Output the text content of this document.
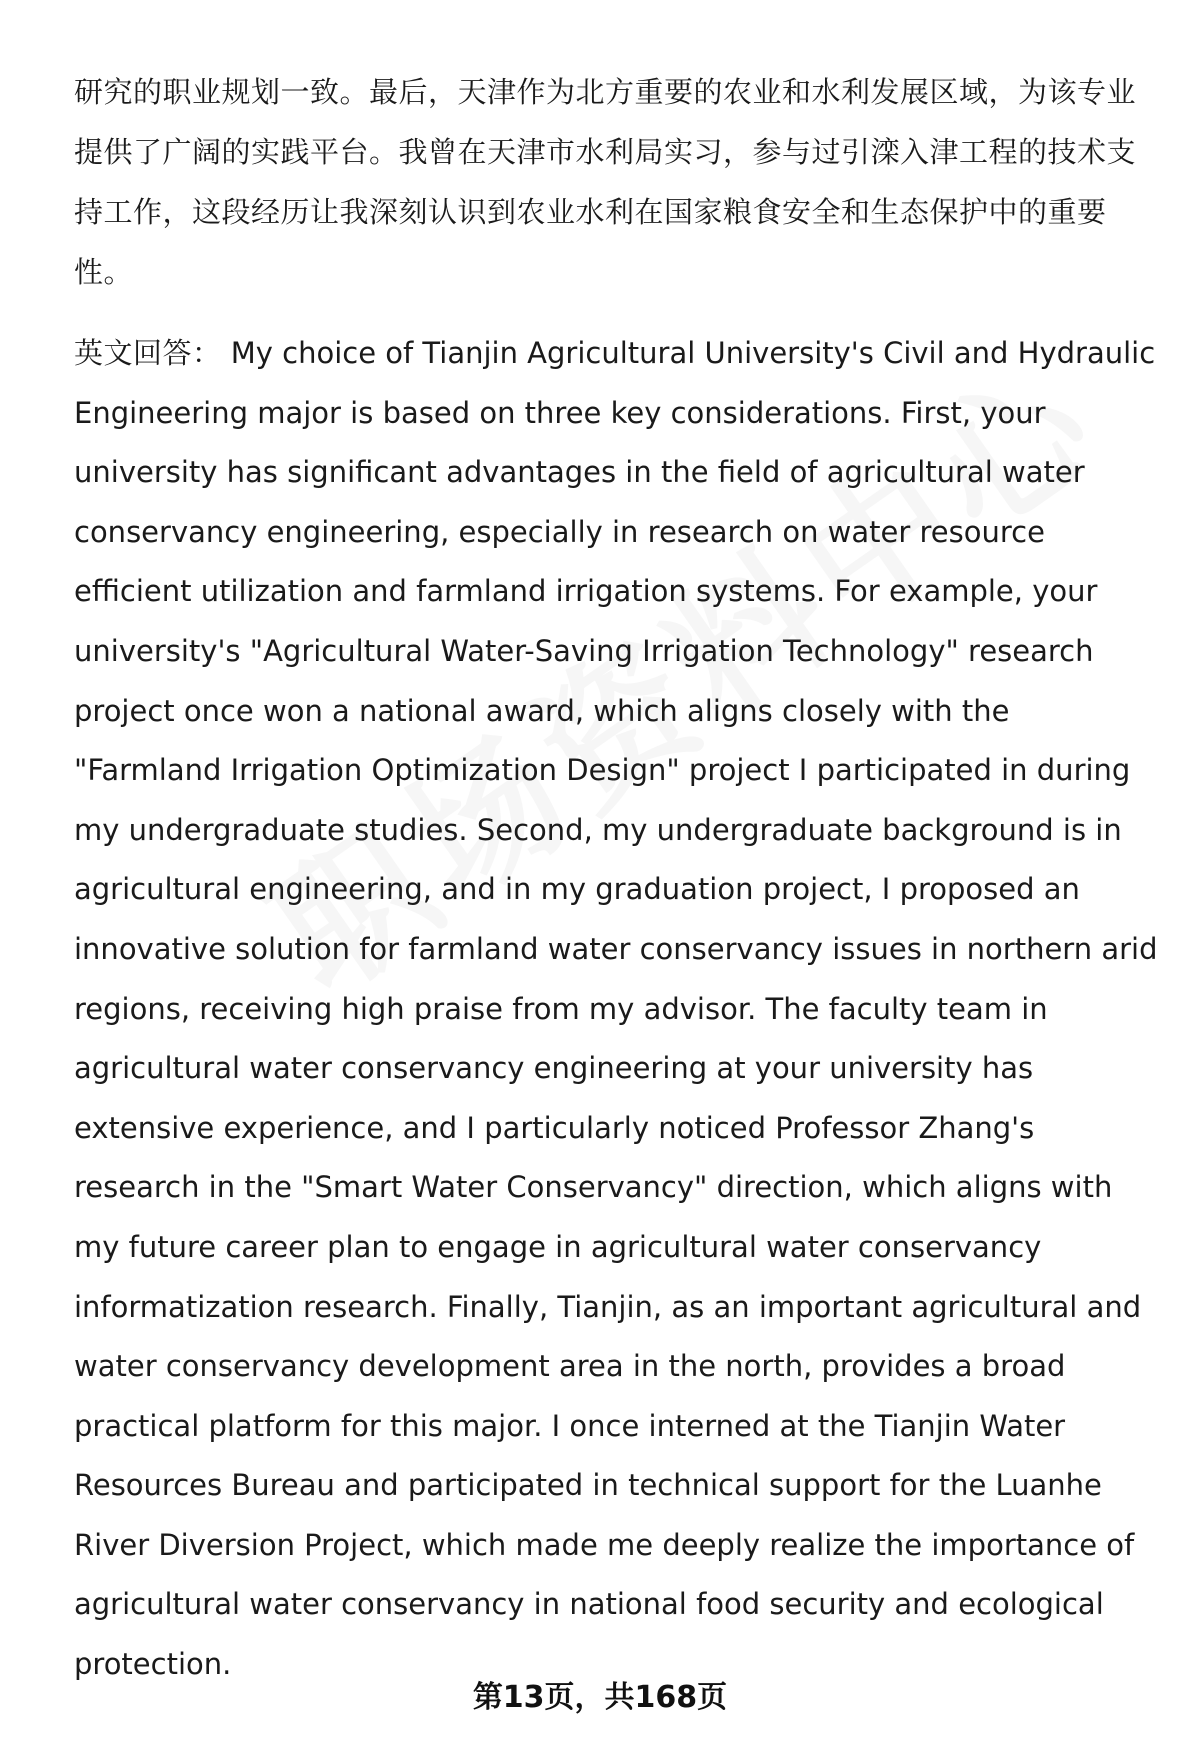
研究的职业规划一致。最后，天津作为北方重要的农业和水利发展区域，为该专业提供了广阔的实践平台。我曾在天津市水利局实习，参与过引滦入津工程的技术支持工作，这段经历让我深刻认识到农业水利在国家粮食安全和生态保护中的重要性。

英文回答： My choice of Tianjin Agricultural University's Civil and Hydraulic Engineering major is based on three key considerations. First, your university has significant advantages in the field of agricultural water conservancy engineering, especially in research on water resource efficient utilization and farmland irrigation systems. For example, your university's "Agricultural Water-Saving Irrigation Technology" research project once won a national award, which aligns closely with the "Farmland Irrigation Optimization Design" project I participated in during my undergraduate studies. Second, my undergraduate background is in agricultural engineering, and in my graduation project, I proposed an innovative solution for farmland water conservancy issues in northern arid regions, receiving high praise from my advisor. The faculty team in agricultural water conservancy engineering at your university has extensive experience, and I particularly noticed Professor Zhang's research in the "Smart Water Conservancy" direction, which aligns with my future career plan to engage in agricultural water conservancy informatization research. Finally, Tianjin, as an important agricultural and water conservancy development area in the north, provides a broad practical platform for this major. I once interned at the Tianjin Water Resources Bureau and participated in technical support for the Luanhe River Diversion Project, which made me deeply realize the importance of agricultural water conservancy in national food security and ecological protection.

第13页，共168页
